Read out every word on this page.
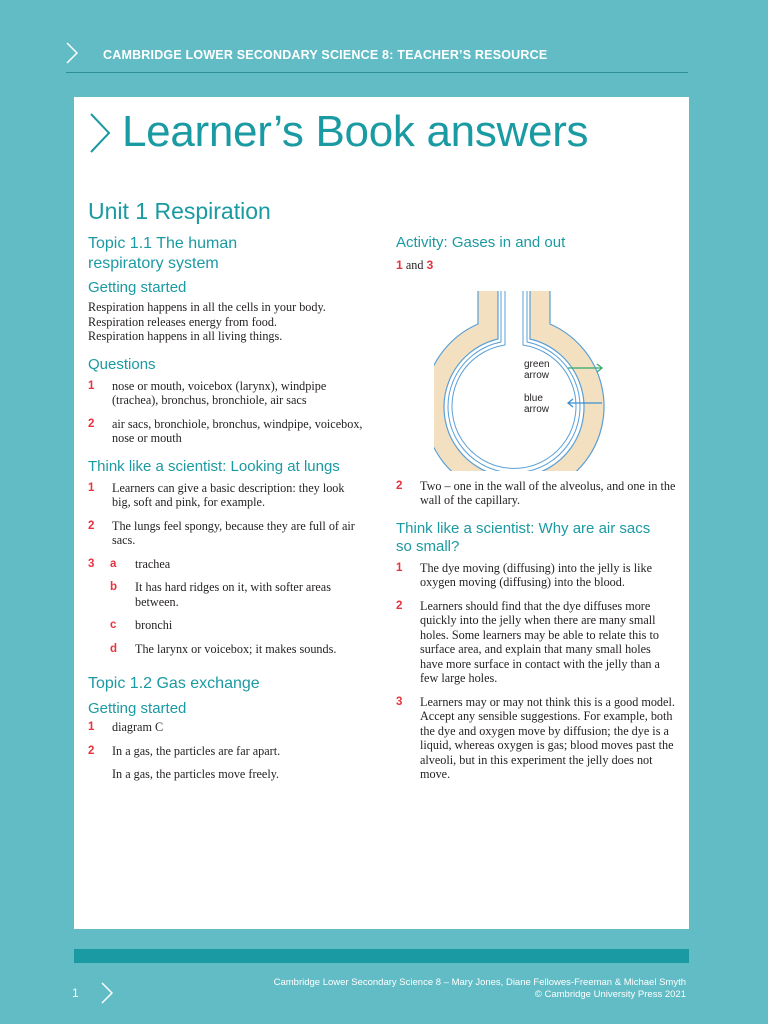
CAMBRIDGE LOWER SECONDARY SCIENCE 8: TEACHER’S RESOURCE
Learner’s Book answers
Unit 1 Respiration
Topic 1.1 The human
respiratory system
Getting started
Respiration happens in all the cells in your body.
Respiration releases energy from food.
Respiration happens in all living things.
Questions
1 nose or mouth, voicebox (larynx), windpipe (trachea), bronchus, bronchiole, air sacs
2 air sacs, bronchiole, bronchus, windpipe, voicebox, nose or mouth
Think like a scientist: Looking at lungs
1 Learners can give a basic description: they look big, soft and pink, for example.
2 The lungs feel spongy, because they are full of air sacs.
3 a trachea
b It has hard ridges on it, with softer areas between.
c bronchi
d The larynx or voicebox; it makes sounds.
Topic 1.2 Gas exchange
Getting started
1 diagram C
2 In a gas, the particles are far apart.
In a gas, the particles move freely.
Activity: Gases in and out
1 and 3
green
arrow
blue
arrow
2 Two – one in the wall of the alveolus, and one in the wall of the capillary.
Think like a scientist: Why are air sacs
so small?
1 The dye moving (diffusing) into the jelly is like oxygen moving (diffusing) into the blood.
2 Learners should find that the dye diffuses more quickly into the jelly when there are many small holes. Some learners may be able to relate this to surface area, and explain that many small holes have more surface in contact with the jelly than a few large holes.
3 Learners may or may not think this is a good model. Accept any sensible suggestions. For example, both the dye and oxygen move by diffusion; the dye is a liquid, whereas oxygen is gas; blood moves past the alveoli, but in this experiment the jelly does not move.
1
Cambridge Lower Secondary Science 8 – Mary Jones, Diane Fellowes-Freeman & Michael Smyth
© Cambridge University Press 2021
